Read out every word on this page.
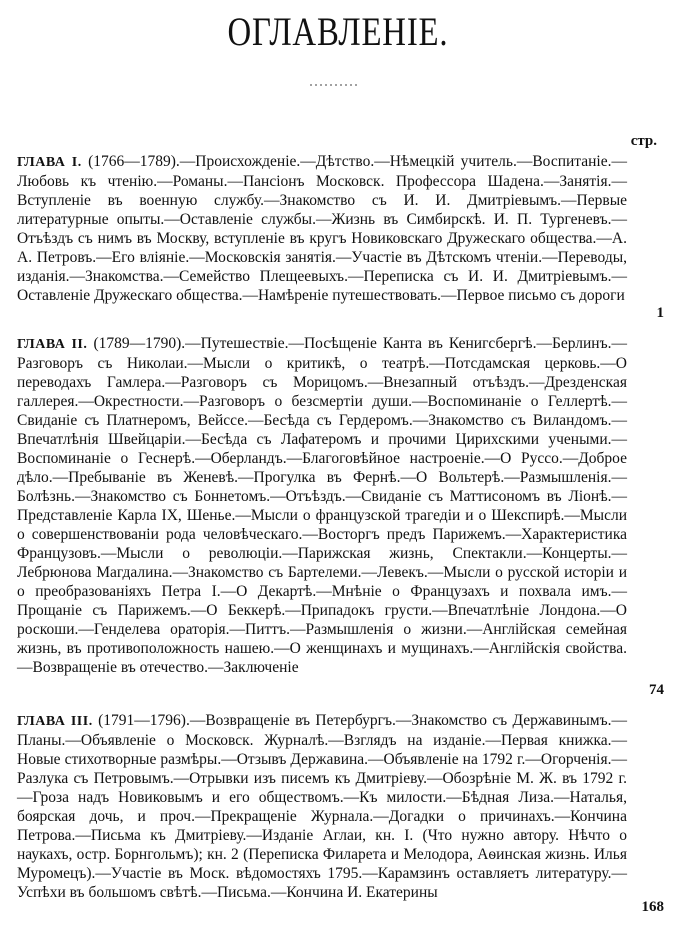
ОГЛАВЛЕНІЕ.
стр.
ГЛАВА I. (1766—1789).—Происхожденіе.—Дѣтство.—Нѣмецкій учитель.—Воспитаніе.—Любовь къ чтенію.—Романы.—Пансіонъ Московск. Профессора Шадена.—Занятія.—Вступленіе въ военную службу.—Знакомство съ И. И. Дмитріевымъ.—Первые литературные опыты.—Оставленіе службы.—Жизнь въ Симбирскѣ. И. П. Тургеневъ.—Отъѣздъ съ нимъ въ Москву, вступленіе въ кругъ Новиковскаго Дружескаго общества.—А. А. Петровъ.—Его вліяніе.—Московскія занятія.—Участіе въ Дѣтскомъ чтеніи.—Переводы, изданія.—Знакомства.—Семейство Плещеевыхъ.—Переписка съ И. И. Дмитріевымъ.—Оставленіе Дружескаго общества.—Намѣреніе путешествовать.—Первое письмо съ дороги
1
ГЛАВА II. (1789—1790).—Путешествіе.—Посѣщеніе Канта въ Кенигсбергѣ.—Берлинъ.—Разговоръ съ Николаи.—Мысли о критикѣ, о театрѣ.—Потсдамская церковь.—О переводахъ Гамлера.—Разговоръ съ Морицомъ.—Внезапный отъѣздъ.—Дрезденская галлерея.—Окрестности.—Разговоръ о безсмертіи души.—Воспоминаніе о Геллертѣ.—Свиданіе съ Платнеромъ, Вейссе.—Бесѣда съ Гердеромъ.—Знакомство съ Виландомъ.—Впечатлѣнія Швейцаріи.—Бесѣда съ Лафатеромъ и прочими Цирихскими учеными.—Воспоминаніе о Геснерѣ.—Оберландъ.—Благоговѣйное настроеніе.—О Руссо.—Доброе дѣло.—Пребываніе въ Женевѣ.—Прогулка въ Фернѣ.—О Вольтерѣ.—Размышленія.—Болѣзнь.—Знакомство съ Боннетомъ.—Отъѣздъ.—Свиданіе съ Маттисономъ въ Ліонѣ.—Представленіе Карла IX, Шенье.—Мысли о французской трагедіи и о Шекспирѣ.—Мысли о совершенствованіи рода человѣческаго.—Восторгъ предъ Парижемъ.—Характеристика Французовъ.—Мысли о революціи.—Парижская жизнь, Спектакли.—Концерты.—Лебрюнова Магдалина.—Знакомство съ Бартелеми.—Левекъ.—Мысли о русской исторіи и о преобразованіяхъ Петра I.—О Декартѣ.—Мнѣніе о Французахъ и похвала имъ.—Прощаніе съ Парижемъ.—О Беккерѣ.—Припадокъ грусти.—Впечатлѣніе Лондона.—О роскоши.—Генделева ораторія.—Питтъ.—Размышленія о жизни.—Англійская семейная жизнь, въ противоположность нашею.—О женщинахъ и мущинахъ.—Англійскія свойства.—Возвращеніе въ отечество.—Заключеніе
74
ГЛАВА III. (1791—1796).—Возвращеніе въ Петербургъ.—Знакомство съ Державинымъ.—Планы.—Объявленіе о Московск. Журналѣ.—Взглядъ на изданіе.—Первая книжка.—Новые стихотворные размѣры.—Отзывъ Державина.—Объявленіе на 1792 г.—Огорченія.—Разлука съ Петровымъ.—Отрывки изъ писемъ къ Дмитріеву.—Обозрѣніе М. Ж. въ 1792 г.—Гроза надъ Новиковымъ и его обществомъ.—Къ милости.—Бѣдная Лиза.—Наталья, боярская дочь, и проч.—Прекращеніе Журнала.—Догадки о причинахъ.—Кончина Петрова.—Письма къ Дмитріеву.—Изданіе Аглаи, кн. I. (Что нужно автору. Нѣчто о наукахъ, остр. Борнгольмъ); кн. 2 (Переписка Филарета и Мелодора, Аѳинская жизнь. Илья Муромецъ).—Участіе въ Моск. вѣдомостяхъ 1795.—Карамзинъ оставляетъ литературу.—Успѣхи въ большомъ свѣтѣ.—Письма.—Кончина И. Екатерины
168
